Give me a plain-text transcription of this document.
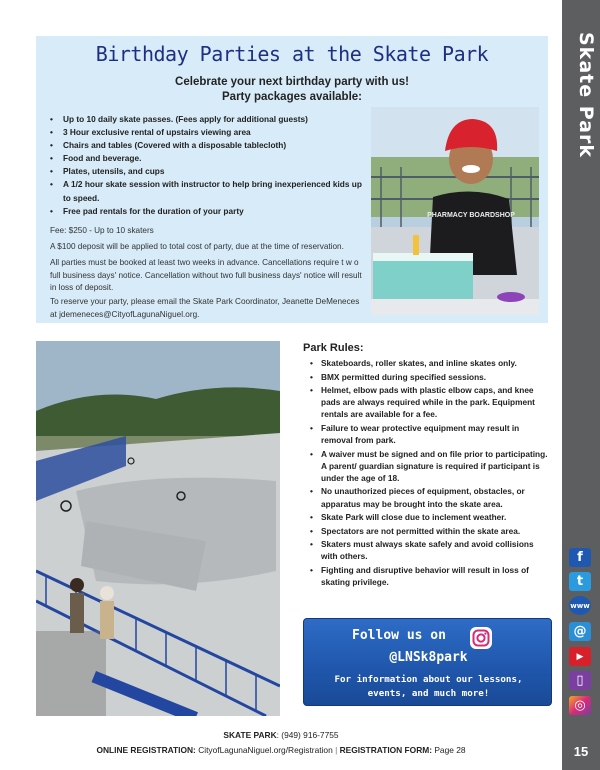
Skate Park
15
f
t
www
@
▶
▯
◎
Birthday Parties at the Skate Park
Celebrate your next birthday party with us!
Party packages available:
• Up to 10 daily skate passes. (Fees apply for additional guests)
• 3 Hour exclusive rental of upstairs viewing area
• Chairs and tables (Covered with a disposable tablecloth)
• Food and beverage.
• Plates, utensils, and cups
• A 1/2 hour skate session with instructor to help bring inexperienced kids up to speed.
• Free pad rentals for the duration of your party
Fee: $250 - Up to 10 skaters
A $100 deposit will be applied to total cost of party, due at the time of reservation.
All parties must be booked at least two weeks in advance. Cancellations require t w o full business days' notice. Cancellation without two full business days' notice will result in loss of deposit.
To reserve your party, please email the Skate Park Coordinator, Jeanette DeMeneces at jdemeneces@CityofLagunaNiguel.org.
PHARMACY BOARDSHOP
Park Rules:
• Skateboards, roller skates, and inline skates only.
• BMX permitted during specified sessions.
• Helmet, elbow pads with plastic elbow caps, and knee pads are always required while in the park. Equipment rentals are available for a fee.
• Failure to wear protective equipment may result in removal from park.
• A waiver must be signed and on file prior to participating. A parent/ guardian signature is required if participant is under the age of 18.
• No unauthorized pieces of equipment, obstacles, or apparatus may be brought into the skate area.
• Skate Park will close due to inclement weather.
• Spectators are not permitted within the skate area.
• Skaters must always skate safely and avoid collisions with others.
• Fighting and disruptive behavior will result in loss of skating privilege.
Follow us on
@LNSk8park
For information about our lessons, events, and much more!
SKATE PARK: (949) 916-7755
ONLINE REGISTRATION: CityofLagunaNiguel.org/Registration | REGISTRATION FORM: Page 28
